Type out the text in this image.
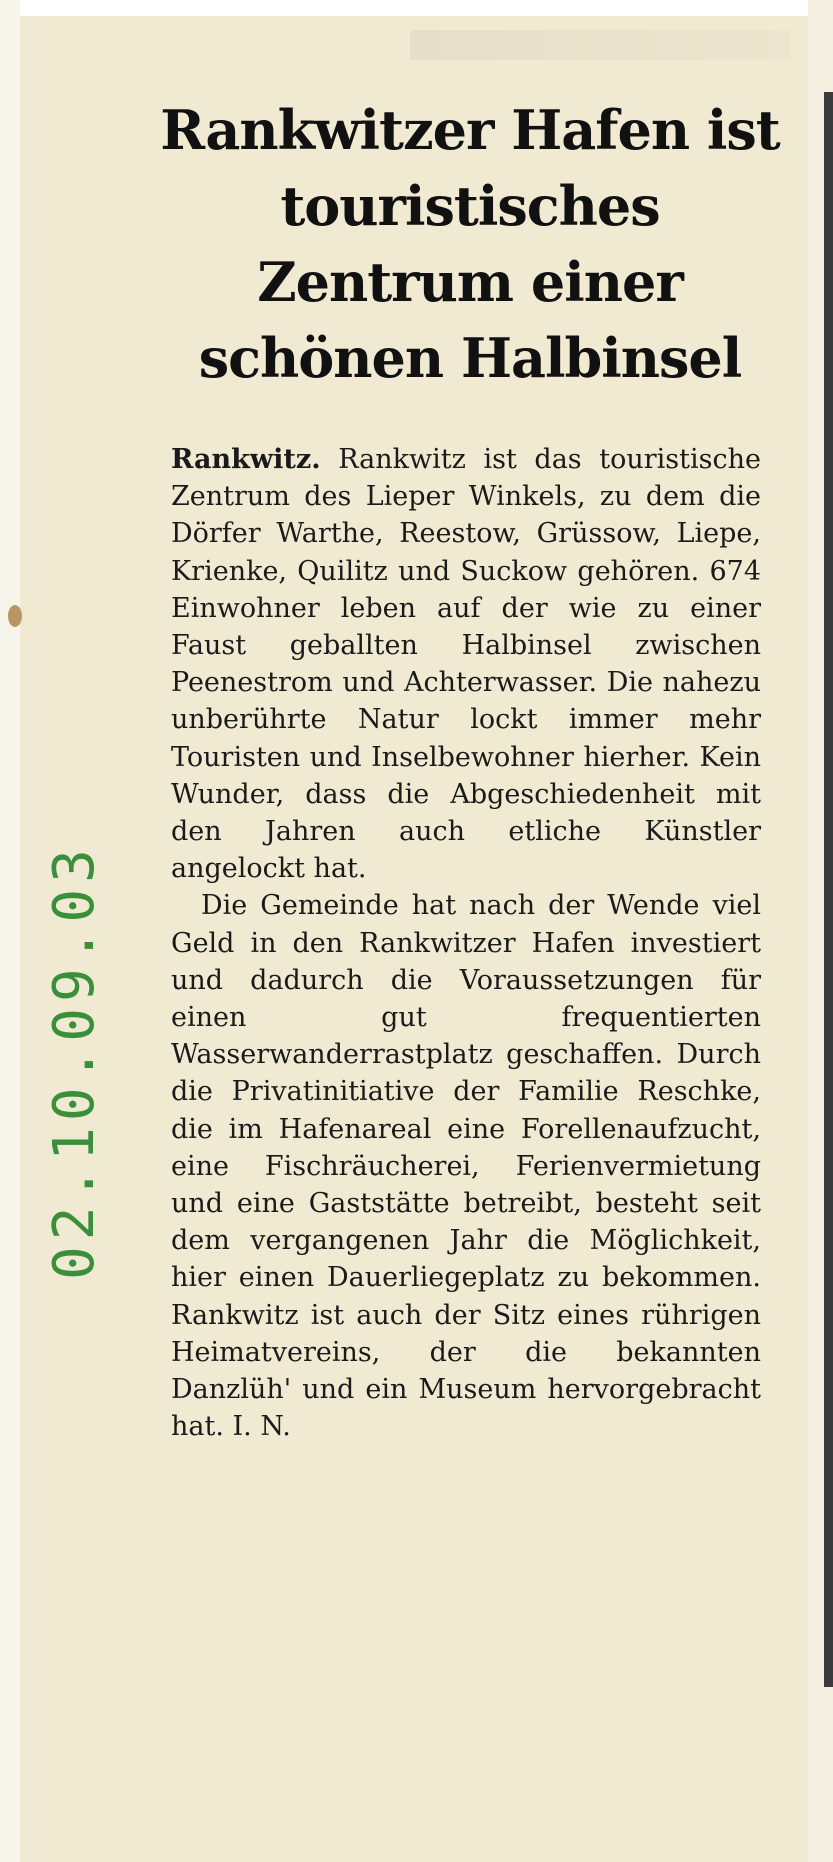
Rankwitzer Hafen ist touristisches Zentrum einer schönen Halbinsel

Rankwitz. Rankwitz ist das touristische Zentrum des Lieper Winkels, zu dem die Dörfer Warthe, Reestow, Grüssow, Liepe, Krienke, Quilitz und Suckow gehören. 674 Einwohner leben auf der wie zu einer Faust geballten Halbinsel zwischen Peenestrom und Achterwasser. Die nahezu unberührte Natur lockt immer mehr Touristen und Inselbewohner hierher. Kein Wunder, dass die Abgeschiedenheit mit den Jahren auch etliche Künstler angelockt hat.

Die Gemeinde hat nach der Wende viel Geld in den Rankwitzer Hafen investiert und dadurch die Voraussetzungen für einen gut frequentierten Wasserwanderrastplatz geschaffen. Durch die Privatinitiative der Familie Reschke, die im Hafenareal eine Forellenaufzucht, eine Fischräucherei, Ferienvermietung und eine Gaststätte betreibt, besteht seit dem vergangenen Jahr die Möglichkeit, hier einen Dauerliegeplatz zu bekommen. Rankwitz ist auch der Sitz eines rührigen Heimatvereins, der die bekannten Danzlüh' und ein Museum hervorgebracht hat. I. N.

02.10.09.03
